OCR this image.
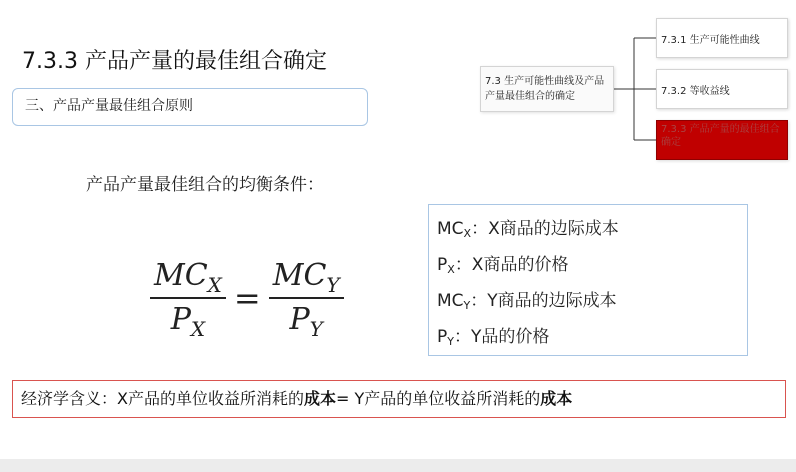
7.3.3 产品产量的最佳组合确定
三、产品产量最佳组合原则
7.3 生产可能性曲线及产品产量最佳组合的确定
7.3.1 生产可能性曲线
7.3.2 等收益线
7.3.3 产品产量的最佳组合确定
产品产量最佳组合的均衡条件：
$\frac{MC_X}{P_X} = \frac{MC_Y}{P_Y}$
$MC_X$：X商品的边际成本
$P_X$：X商品的价格
$MC_Y$：Y商品的边际成本
$P_Y$：Y品的价格
经济学含义：X产品的单位收益所消耗的成本= Y产品的单位收益所消耗的成本
